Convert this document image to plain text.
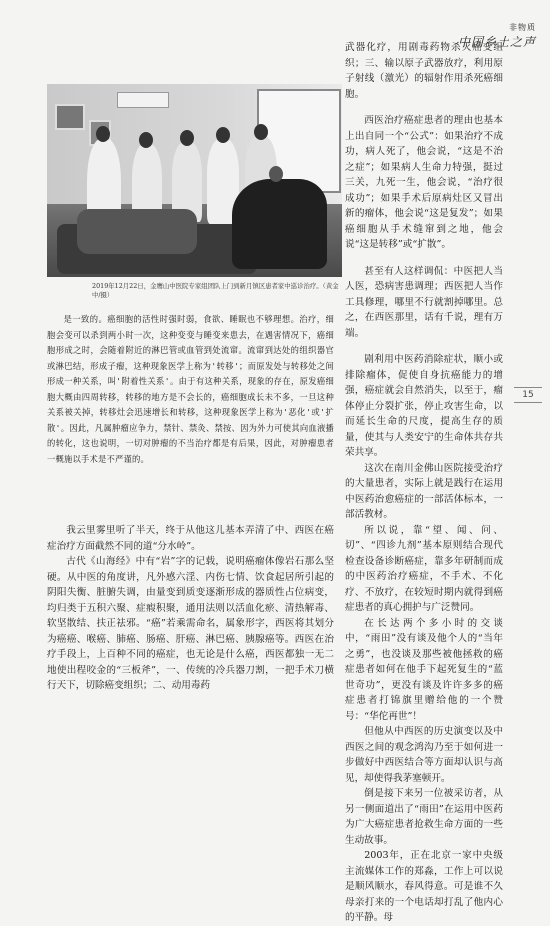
非物质
中国乡土之声
2019年12月22日，金鹰山中医院专家组团队上门到新月镇区患者家中巡诊治疗。（黄金中/摄）

是一致的。癌细胞的活性时强时弱，食欲、睡眠也不够理想。治疗，细胞会变可以杀到两小时一次，这种变变与睡变来患去，在遇害情况下，癌细胞形成之时，会随着附近的淋巴管或血管到处流窜。流窜到达处的组织器官或淋巴结，形成子瘤，这种现象医学上称为'转移'；而原发处与转移处之间形成一种关系，叫'附着性关系'。由于有这种关系，现象的存在，原发癌细胞大概由四周转移，转移的地方是不会长的，癌细胞成长未不多，一旦这种关系被关掉，转移灶会迅速增长和转移，这种现象医学上称为'恶化'或'扩散'。因此，凡属肿瘤应争力，禁针、禁灸、禁按、因为外力可使其向血液播的转化，这也说明，一切对肿瘤的不当治疗都是有后果，因此，对肿瘤患者一概施以手术是不严谨的。

我云里雾里听了半天，终于从他这儿基本弄清了中、西医在癌症治疗方面截然不同的道“分水岭”。

古代《山海经》中有“岩”字的记载，说明癌瘤体像岩石那么坚硬。从中医的角度讲，凡外感六淫、内伤七情、饮食起居所引起的阴阳失衡、脏腑失调，由量变到质变逐渐形成的器质性占位病变，均归类于五积六聚、症瘕积聚，通用法则以活血化瘀、清热解毒、软坚散结、扶正祛邪。“癌”若乘需命名，属象形字，西医将其划分为癌癌、喉癌、肺癌、肠癌、肝癌、淋巴癌、胰腺癌等。西医在治疗手段上，上百种不同的癌症，也无论是什么癌，西医都独一无二地使出程咬金的“三板斧”，一、传统的冷兵器刀割，一把手术刀横行天下，切除癌变组织；二、动用毒药

武器化疗，用剧毒药物杀灭癌变组织；三、输以原子武器放疗，利用原子射线（激光）的辐射作用杀死癌细胞。

西医治疗癌症患者的理由也基本上出自同一个“公式”：如果治疗不成功，病人死了，他会说，“这是不治之症”；如果病人生命力特强，挺过三关，九死一生，他会说，“治疗很成功”；如果手术后原病灶区又冒出新的瘤体，他会说“这是复发”；如果癌细胞从手术缝窜到之地，他会说“这是转移”或“扩散”。

甚至有人这样调侃：中医把人当人医，恐病害患调理；西医把人当作工具修理，哪里不行就割掉哪里。总之，在西医那里，话有千说，理有万端。

剧利用中医药消除症状，顺小或排除瘤体，促使自身抗癌能力的增强，癌症就会自然消失，以至于，瘤体停止分裂扩张，停止攻害生命，以而延长生命的尺度，提高生存的质量，使其与人类安宁的生命体共存共荣共享。

这次在南川金佛山医院接受治疗的大量患者，实际上就是践行在运用中医药治愈癌症的一部活体标本，一部活教材。

所以说，靠“望、闻、问、切”、“四诊九剂”基本原则结合现代检查设备诊断癌症，靠多年研制而成的中医药治疗癌症，不手术、不化疗、不放疗，在较短时期内就得到癌症患者的真心拥护与广泛赞同。

在长达两个多小时的交谈中，“雨田”没有谈及他个人的“当年之勇”，也没谈及那些被他拯救的癌症患者如何在他手下起死复生的“蓝世奇功”，更没有谈及许许多多的癌症患者打锦旗里赠给他的一个赞号：“华佗再世”！

但他从中西医的历史演变以及中西医之间的观念鸿沟乃至于如何进一步做好中西医结合等方面却认识与高见，却使得我茅塞顿开。

倒是接下来另一位被采访者，从另一侧面道出了“雨田”在运用中医药为广大癌症患者抢救生命方面的一些生动故事。

2003年，正在北京一家中央级主流媒体工作的郑淼，工作上可以说是顺风顺水，春风得意。可是谁不久母亲打来的一个电话却打乱了他内心的平静。母

15
